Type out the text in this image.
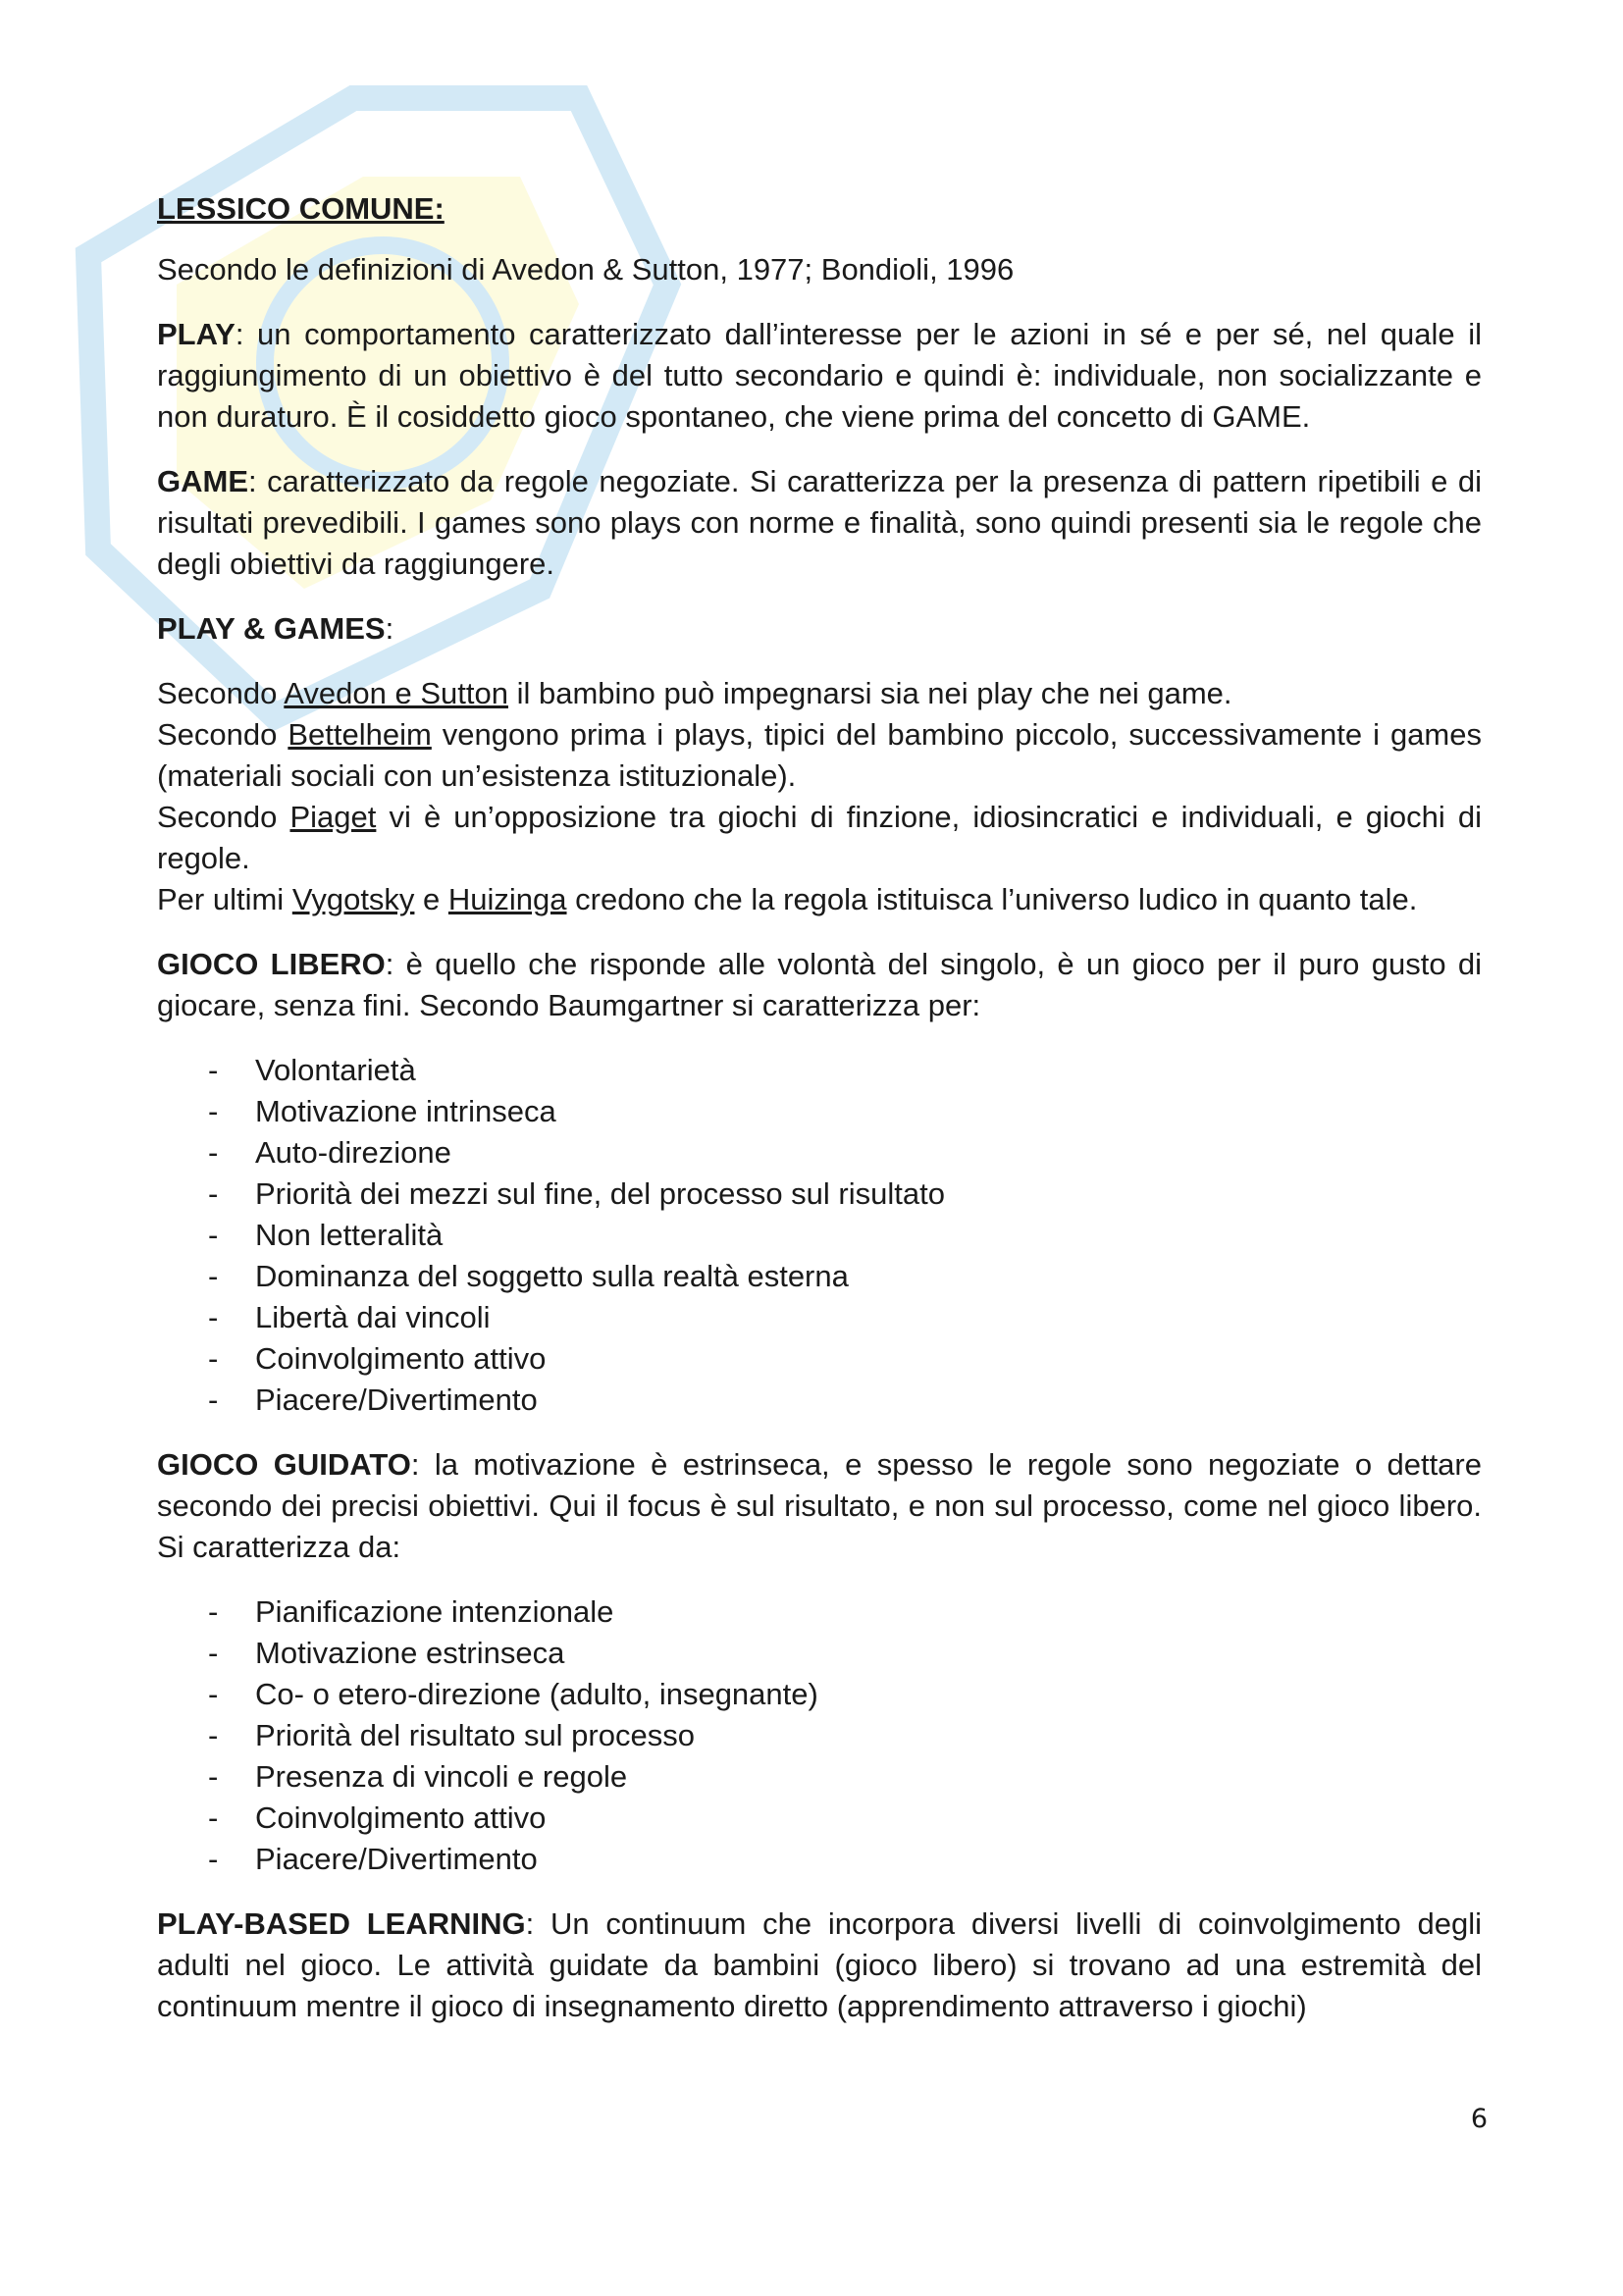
LESSICO COMUNE:

Secondo le definizioni di Avedon & Sutton, 1977; Bondioli, 1996

PLAY: un comportamento caratterizzato dall’interesse per le azioni in sé e per sé, nel quale il raggiungimento di un obiettivo è del tutto secondario e quindi è: individuale, non socializzante e non duraturo. È il cosiddetto gioco spontaneo, che viene prima del concetto di GAME.

GAME: caratterizzato da regole negoziate. Si caratterizza per la presenza di pattern ripetibili e di risultati prevedibili. I games sono plays con norme e finalità, sono quindi presenti sia le regole che degli obiettivi da raggiungere.

PLAY & GAMES:

Secondo Avedon e Sutton il bambino può impegnarsi sia nei play che nei game.
Secondo Bettelheim vengono prima i plays, tipici del bambino piccolo, successivamente i games (materiali sociali con un’esistenza istituzionale).
Secondo Piaget vi è un’opposizione tra giochi di finzione, idiosincratici e individuali, e giochi di regole.
Per ultimi Vygotsky e Huizinga credono che la regola istituisca l’universo ludico in quanto tale.

GIOCO LIBERO: è quello che risponde alle volontà del singolo, è un gioco per il puro gusto di giocare, senza fini. Secondo Baumgartner si caratterizza per:

- Volontarietà
- Motivazione intrinseca
- Auto-direzione
- Priorità dei mezzi sul fine, del processo sul risultato
- Non letteralità
- Dominanza del soggetto sulla realtà esterna
- Libertà dai vincoli
- Coinvolgimento attivo
- Piacere/Divertimento

GIOCO GUIDATO: la motivazione è estrinseca, e spesso le regole sono negoziate o dettare secondo dei precisi obiettivi. Qui il focus è sul risultato, e non sul processo, come nel gioco libero. Si caratterizza da:

- Pianificazione intenzionale
- Motivazione estrinseca
- Co- o etero-direzione (adulto, insegnante)
- Priorità del risultato sul processo
- Presenza di vincoli e regole
- Coinvolgimento attivo
- Piacere/Divertimento

PLAY-BASED LEARNING: Un continuum che incorpora diversi livelli di coinvolgimento degli adulti nel gioco. Le attività guidate da bambini (gioco libero) si trovano ad una estremità del continuum mentre il gioco di insegnamento diretto (apprendimento attraverso i giochi)

6
